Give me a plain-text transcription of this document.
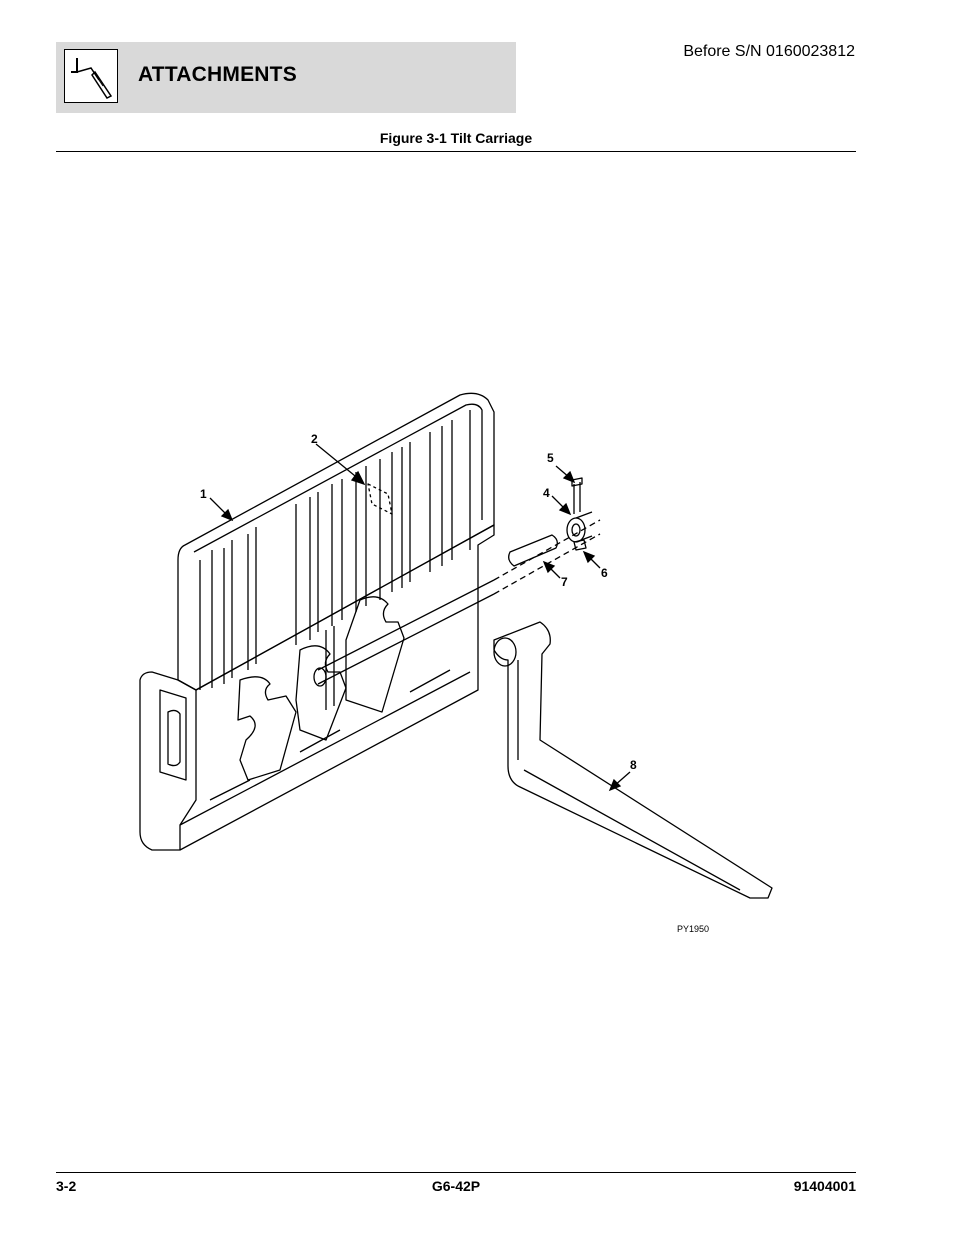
ATTACHMENTS
Before S/N 0160023812
Figure 3-1 Tilt Carriage
1
2
4
5
6
7
8
PY1950
3-2	G6-42P	91404001
